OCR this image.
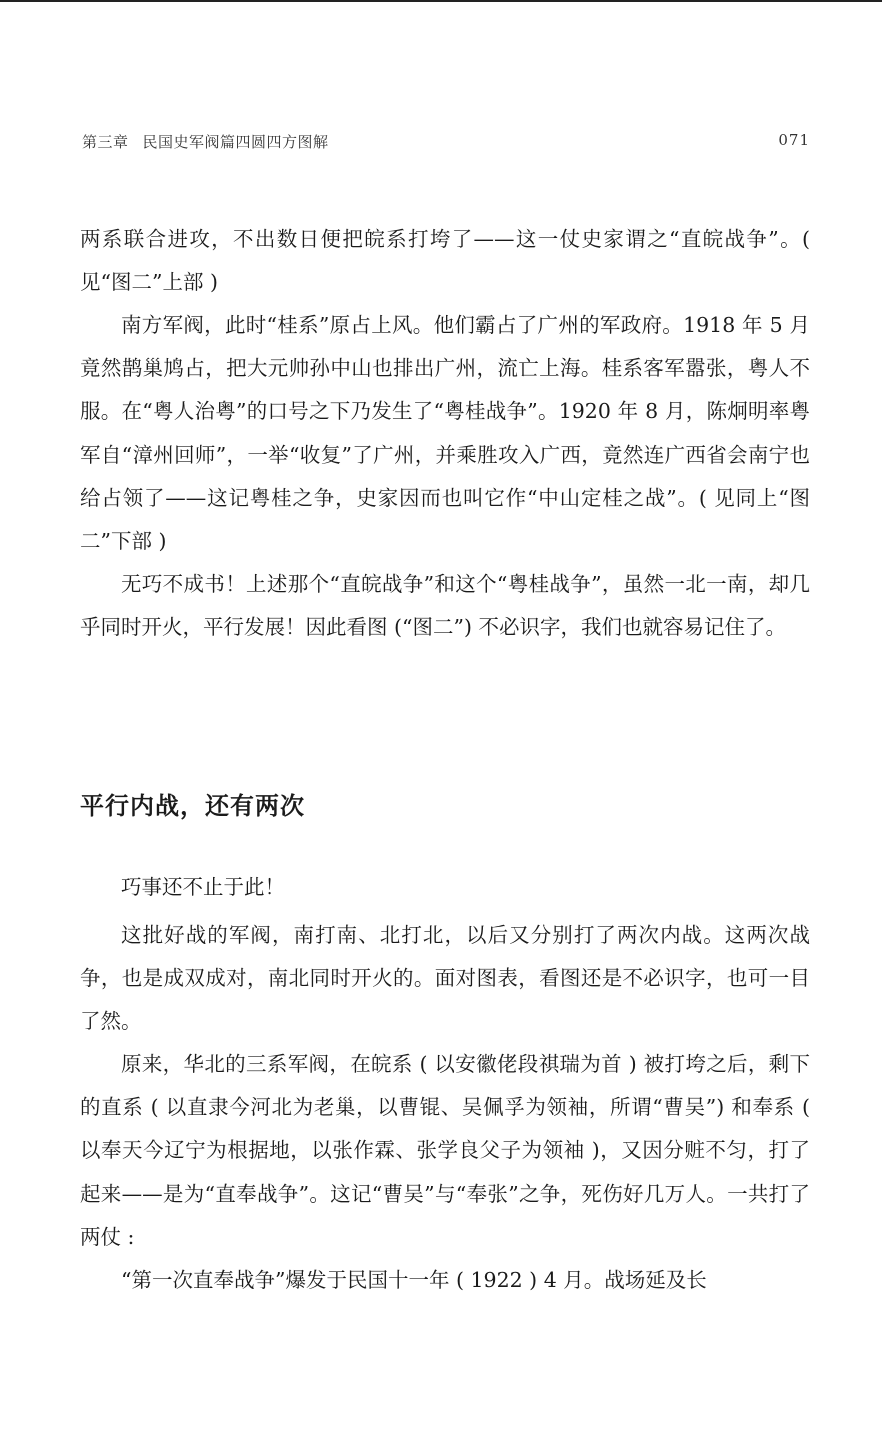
第三章 民国史军阀篇四圆四方图解	071

两系联合进攻，不出数日便把皖系打垮了——这一仗史家谓之“直皖战争”。( 见“图二”上部 )

南方军阀，此时“桂系”原占上风。他们霸占了广州的军政府。1918 年 5 月竟然鹊巢鸠占，把大元帅孙中山也排出广州，流亡上海。桂系客军嚣张，粤人不服。在“粤人治粤”的口号之下乃发生了“粤桂战争”。1920 年 8 月，陈炯明率粤军自“漳州回师”，一举“收复”了广州，并乘胜攻入广西，竟然连广西省会南宁也给占领了——这记粤桂之争，史家因而也叫它作“中山定桂之战”。( 见同上“图二”下部 )

无巧不成书！上述那个“直皖战争”和这个“粤桂战争”，虽然一北一南，却几乎同时开火，平行发展！因此看图 (“图二”) 不必识字，我们也就容易记住了。

平行内战，还有两次

巧事还不止于此！

这批好战的军阀，南打南、北打北，以后又分别打了两次内战。这两次战争，也是成双成对，南北同时开火的。面对图表，看图还是不必识字，也可一目了然。

原来，华北的三系军阀，在皖系 ( 以安徽佬段祺瑞为首 ) 被打垮之后，剩下的直系 ( 以直隶今河北为老巢，以曹锟、吴佩孚为领袖，所谓“曹吴”) 和奉系 ( 以奉天今辽宁为根据地，以张作霖、张学良父子为领袖 )，又因分赃不匀，打了起来——是为“直奉战争”。这记“曹吴”与“奉张”之争，死伤好几万人。一共打了两仗 :

“第一次直奉战争”爆发于民国十一年 ( 1922 ) 4 月。战场延及长
